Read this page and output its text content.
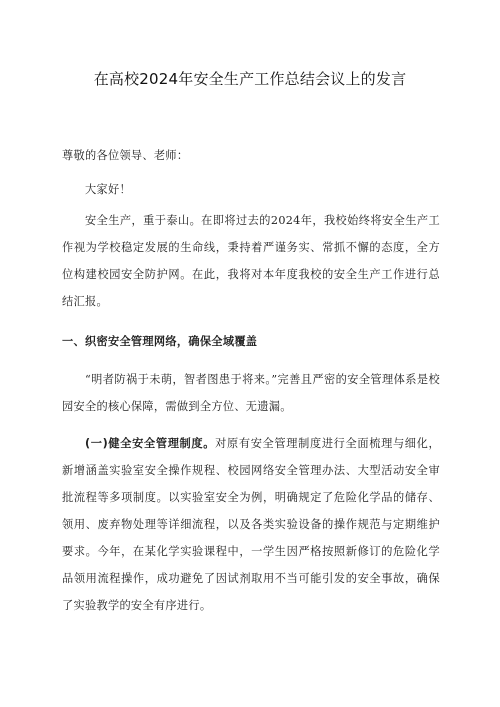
在高校2024年安全生产工作总结会议上的发言
尊敬的各位领导、老师：
大家好！
安全生产，重于泰山。在即将过去的2024年，我校始终将安全生产工作视为学校稳定发展的生命线，秉持着严谨务实、常抓不懈的态度，全方位构建校园安全防护网。在此，我将对本年度我校的安全生产工作进行总结汇报。
一、织密安全管理网络，确保全域覆盖
“明者防祸于未萌，智者图患于将来。”完善且严密的安全管理体系是校园安全的核心保障，需做到全方位、无遗漏。
(一)健全安全管理制度。对原有安全管理制度进行全面梳理与细化，新增涵盖实验室安全操作规程、校园网络安全管理办法、大型活动安全审批流程等多项制度。以实验室安全为例，明确规定了危险化学品的储存、领用、废弃物处理等详细流程，以及各类实验设备的操作规范与定期维护要求。今年，在某化学实验课程中，一学生因严格按照新修订的危险化学品领用流程操作，成功避免了因试剂取用不当可能引发的安全事故，确保了实验教学的安全有序进行。
